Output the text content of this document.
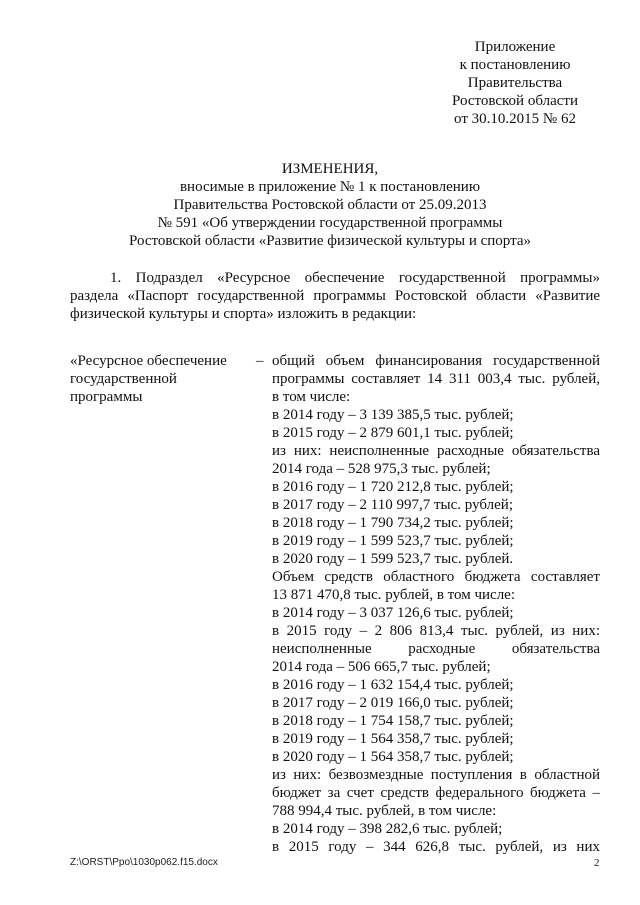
Приложение
к постановлению
Правительства
Ростовской области
от 30.10.2015 № 62
ИЗМЕНЕНИЯ,
вносимые в приложение № 1 к постановлению
Правительства Ростовской области от 25.09.2013
№ 591 «Об утверждении государственной программы
Ростовской области «Развитие физической культуры и спорта»
1. Подраздел «Ресурсное обеспечение государственной программы»
раздела «Паспорт государственной программы Ростовской области «Развитие
физической культуры и спорта» изложить в редакции:
«Ресурсное обеспечение
государственной
программы
– общий объем финансирования государственной
программы составляет 14 311 003,4 тыс. рублей,
в том числе:
в 2014 году – 3 139 385,5 тыс. рублей;
в 2015 году – 2 879 601,1 тыс. рублей;
из них: неисполненные расходные обязательства
2014 года – 528 975,3 тыс. рублей;
в 2016 году – 1 720 212,8 тыс. рублей;
в 2017 году – 2 110 997,7 тыс. рублей;
в 2018 году – 1 790 734,2 тыс. рублей;
в 2019 году – 1 599 523,7 тыс. рублей;
в 2020 году – 1 599 523,7 тыс. рублей.
Объем средств областного бюджета составляет
13 871 470,8 тыс. рублей, в том числе:
в 2014 году – 3 037 126,6 тыс. рублей;
в 2015 году – 2 806 813,4 тыс. рублей, из них:
неисполненные расходные обязательства
2014 года – 506 665,7 тыс. рублей;
в 2016 году – 1 632 154,4 тыс. рублей;
в 2017 году – 2 019 166,0 тыс. рублей;
в 2018 году – 1 754 158,7 тыс. рублей;
в 2019 году – 1 564 358,7 тыс. рублей;
в 2020 году – 1 564 358,7 тыс. рублей;
из них: безвозмездные поступления в областной
бюджет за счет средств федерального бюджета –
788 994,4 тыс. рублей, в том числе:
в 2014 году – 398 282,6 тыс. рублей;
в 2015 году – 344 626,8 тыс. рублей, из них
Z:\ORST\Ppo\1030p062.f15.docx	2
